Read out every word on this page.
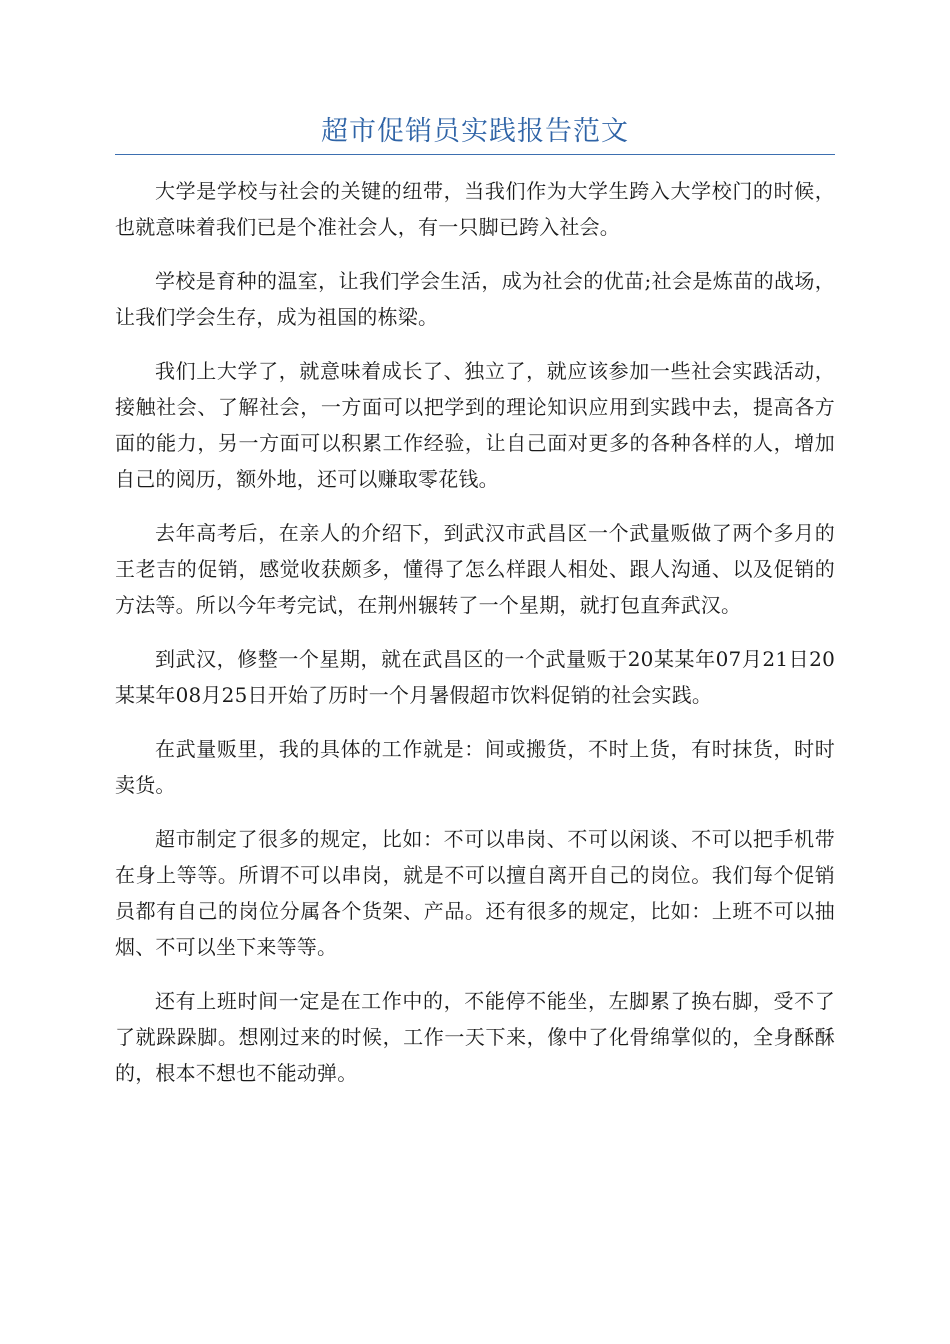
超市促销员实践报告范文

大学是学校与社会的关键的纽带，当我们作为大学生跨入大学校门的时候，也就意味着我们已是个准社会人，有一只脚已跨入社会。

学校是育种的温室，让我们学会生活，成为社会的优苗;社会是炼苗的战场，让我们学会生存，成为祖国的栋梁。

我们上大学了，就意味着成长了、独立了，就应该参加一些社会实践活动，接触社会、了解社会，一方面可以把学到的理论知识应用到实践中去，提高各方面的能力，另一方面可以积累工作经验，让自己面对更多的各种各样的人，增加自己的阅历，额外地，还可以赚取零花钱。

去年高考后，在亲人的介绍下，到武汉市武昌区一个武量贩做了两个多月的王老吉的促销，感觉收获颇多，懂得了怎么样跟人相处、跟人沟通、以及促销的方法等。所以今年考完试，在荆州辗转了一个星期，就打包直奔武汉。

到武汉，修整一个星期，就在武昌区的一个武量贩于20某某年07月21日20某某年08月25日开始了历时一个月暑假超市饮料促销的社会实践。

在武量贩里，我的具体的工作就是：间或搬货，不时上货，有时抹货，时时卖货。

超市制定了很多的规定，比如：不可以串岗、不可以闲谈、不可以把手机带在身上等等。所谓不可以串岗，就是不可以擅自离开自己的岗位。我们每个促销员都有自己的岗位分属各个货架、产品。还有很多的规定，比如：上班不可以抽烟、不可以坐下来等等。

还有上班时间一定是在工作中的，不能停不能坐，左脚累了换右脚，受不了了就跺跺脚。想刚过来的时候，工作一天下来，像中了化骨绵掌似的，全身酥酥的，根本不想也不能动弹。
